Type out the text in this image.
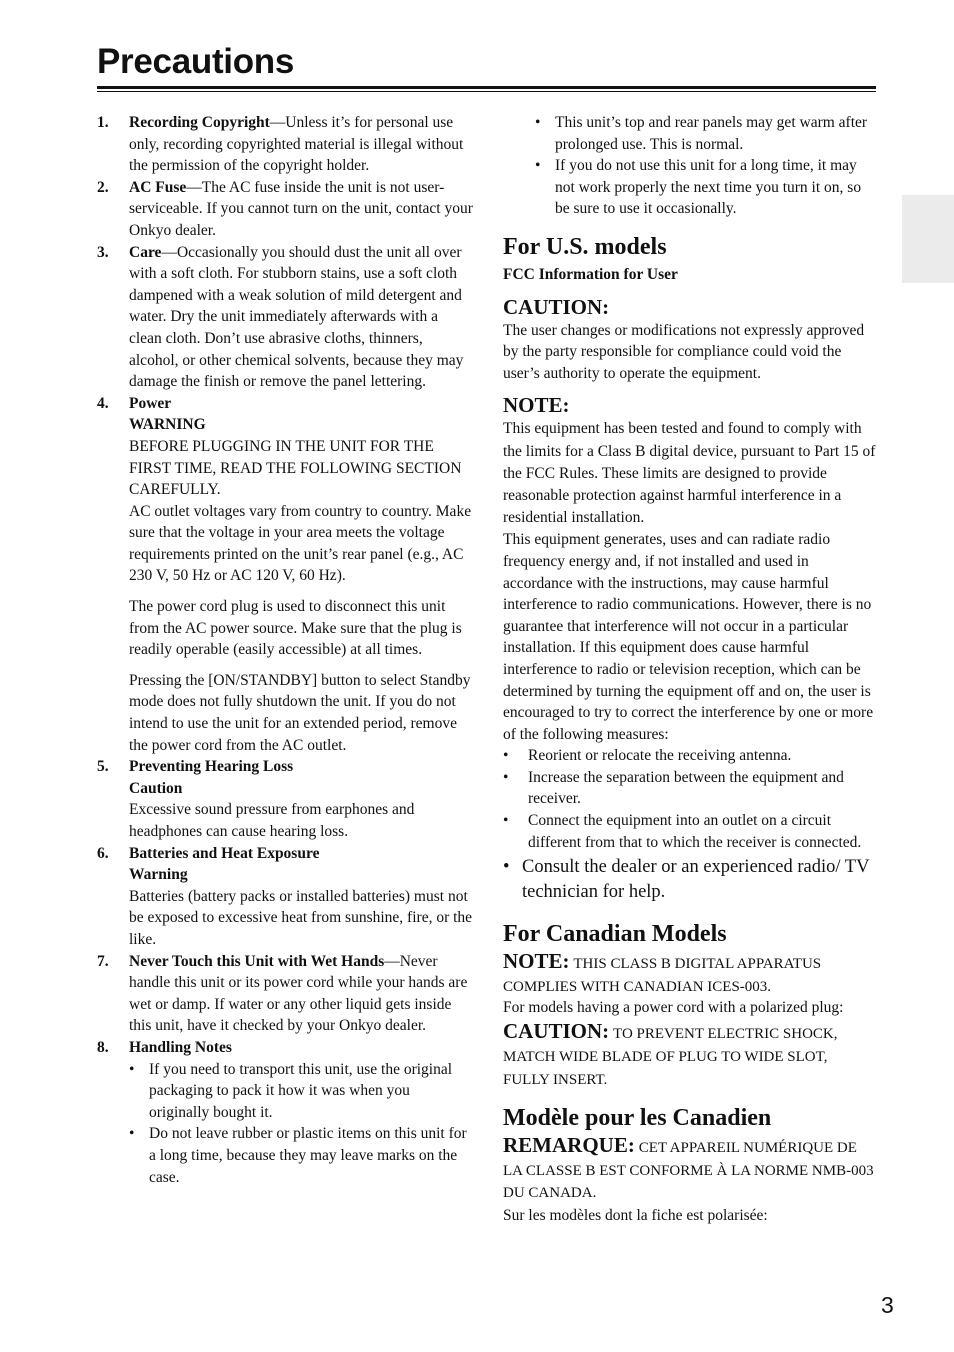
Precautions
1. Recording Copyright—Unless it’s for personal use only, recording copyrighted material is illegal without the permission of the copyright holder.

2. AC Fuse—The AC fuse inside the unit is not user-serviceable. If you cannot turn on the unit, contact your Onkyo dealer.

3. Care—Occasionally you should dust the unit all over with a soft cloth. For stubborn stains, use a soft cloth dampened with a weak solution of mild detergent and water. Dry the unit immediately afterwards with a clean cloth. Don’t use abrasive cloths, thinners, alcohol, or other chemical solvents, because they may damage the finish or remove the panel lettering.

4. Power

WARNING

BEFORE PLUGGING IN THE UNIT FOR THE FIRST TIME, READ THE FOLLOWING SECTION CAREFULLY.

AC outlet voltages vary from country to country. Make sure that the voltage in your area meets the voltage requirements printed on the unit’s rear panel (e.g., AC 230 V, 50 Hz or AC 120 V, 60 Hz).

The power cord plug is used to disconnect this unit from the AC power source. Make sure that the plug is readily operable (easily accessible) at all times.

Pressing the [ON/STANDBY] button to select Standby mode does not fully shutdown the unit. If you do not intend to use the unit for an extended period, remove the power cord from the AC outlet.

5. Preventing Hearing Loss

Caution

Excessive sound pressure from earphones and headphones can cause hearing loss.

6. Batteries and Heat Exposure

Warning

Batteries (battery packs or installed batteries) must not be exposed to excessive heat from sunshine, fire, or the like.

7. Never Touch this Unit with Wet Hands—Never handle this unit or its power cord while your hands are wet or damp. If water or any other liquid gets inside this unit, have it checked by your Onkyo dealer.

8. Handling Notes

• If you need to transport this unit, use the original packaging to pack it how it was when you originally bought it.

• Do not leave rubber or plastic items on this unit for a long time, because they may leave marks on the case.

• This unit’s top and rear panels may get warm after prolonged use. This is normal.

• If you do not use this unit for a long time, it may not work properly the next time you turn it on, so be sure to use it occasionally.

For U.S. models

FCC Information for User

CAUTION:

The user changes or modifications not expressly approved by the party responsible for compliance could void the user’s authority to operate the equipment.

NOTE:

This equipment has been tested and found to comply with the limits for a Class B digital device, pursuant to Part 15 of the FCC Rules. These limits are designed to provide reasonable protection against harmful interference in a residential installation.

This equipment generates, uses and can radiate radio frequency energy and, if not installed and used in accordance with the instructions, may cause harmful interference to radio communications. However, there is no guarantee that interference will not occur in a particular installation. If this equipment does cause harmful interference to radio or television reception, which can be determined by turning the equipment off and on, the user is encouraged to try to correct the interference by one or more of the following measures:

• Reorient or relocate the receiving antenna.

• Increase the separation between the equipment and receiver.

• Connect the equipment into an outlet on a circuit different from that to which the receiver is connected.

• Consult the dealer or an experienced radio/ TV technician for help.

For Canadian Models

NOTE: THIS CLASS B DIGITAL APPARATUS COMPLIES WITH CANADIAN ICES-003.

For models having a power cord with a polarized plug:

CAUTION: TO PREVENT ELECTRIC SHOCK, MATCH WIDE BLADE OF PLUG TO WIDE SLOT, FULLY INSERT.

Modèle pour les Canadien

REMARQUE: CET APPAREIL NUMÉRIQUE DE LA CLASSE B EST CONFORME À LA NORME NMB-003 DU CANADA.

Sur les modèles dont la fiche est polarisée:

3
